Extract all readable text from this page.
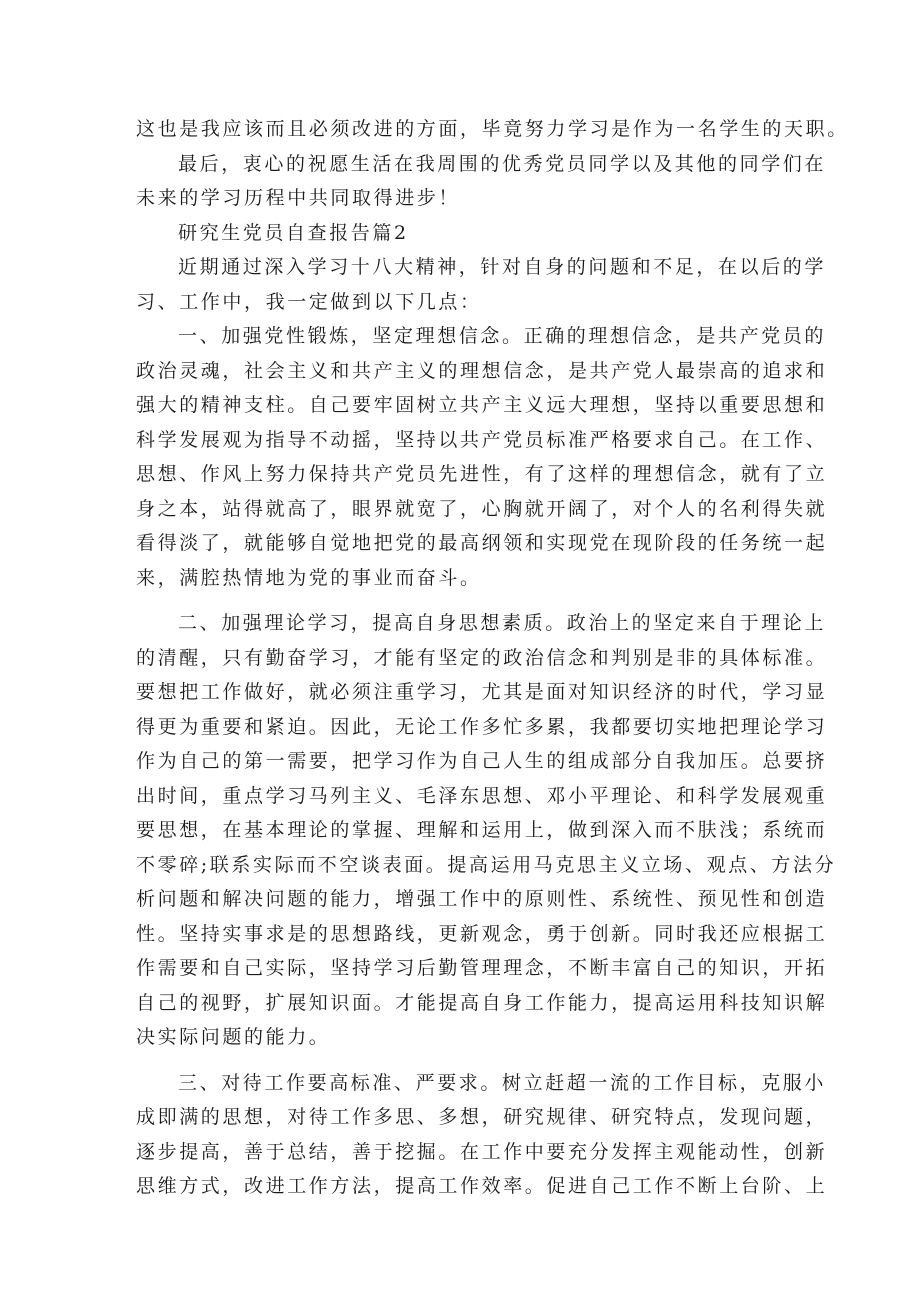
这也是我应该而且必须改进的方面，毕竟努力学习是作为一名学生的天职。
最后，衷心的祝愿生活在我周围的优秀党员同学以及其他的同学们在
未来的学习历程中共同取得进步！
研究生党员自查报告篇2
近期通过深入学习十八大精神，针对自身的问题和不足，在以后的学
习、工作中，我一定做到以下几点：
一、加强党性锻炼，坚定理想信念。正确的理想信念，是共产党员的
政治灵魂，社会主义和共产主义的理想信念，是共产党人最崇高的追求和
强大的精神支柱。自己要牢固树立共产主义远大理想，坚持以重要思想和
科学发展观为指导不动摇，坚持以共产党员标准严格要求自己。在工作、
思想、作风上努力保持共产党员先进性，有了这样的理想信念，就有了立
身之本，站得就高了，眼界就宽了，心胸就开阔了，对个人的名利得失就
看得淡了，就能够自觉地把党的最高纲领和实现党在现阶段的任务统一起
来，满腔热情地为党的事业而奋斗。
二、加强理论学习，提高自身思想素质。政治上的坚定来自于理论上
的清醒，只有勤奋学习，才能有坚定的政治信念和判别是非的具体标准。
要想把工作做好，就必须注重学习，尤其是面对知识经济的时代，学习显
得更为重要和紧迫。因此，无论工作多忙多累，我都要切实地把理论学习
作为自己的第一需要，把学习作为自己人生的组成部分自我加压。总要挤
出时间，重点学习马列主义、毛泽东思想、邓小平理论、和科学发展观重
要思想，在基本理论的掌握、理解和运用上，做到深入而不肤浅；系统而
不零碎;联系实际而不空谈表面。提高运用马克思主义立场、观点、方法分
析问题和解决问题的能力，增强工作中的原则性、系统性、预见性和创造
性。坚持实事求是的思想路线，更新观念，勇于创新。同时我还应根据工
作需要和自己实际，坚持学习后勤管理理念，不断丰富自己的知识，开拓
自己的视野，扩展知识面。才能提高自身工作能力，提高运用科技知识解
决实际问题的能力。
三、对待工作要高标准、严要求。树立赶超一流的工作目标，克服小
成即满的思想，对待工作多思、多想，研究规律、研究特点，发现问题，
逐步提高，善于总结，善于挖掘。在工作中要充分发挥主观能动性，创新
思维方式，改进工作方法，提高工作效率。促进自己工作不断上台阶、上
